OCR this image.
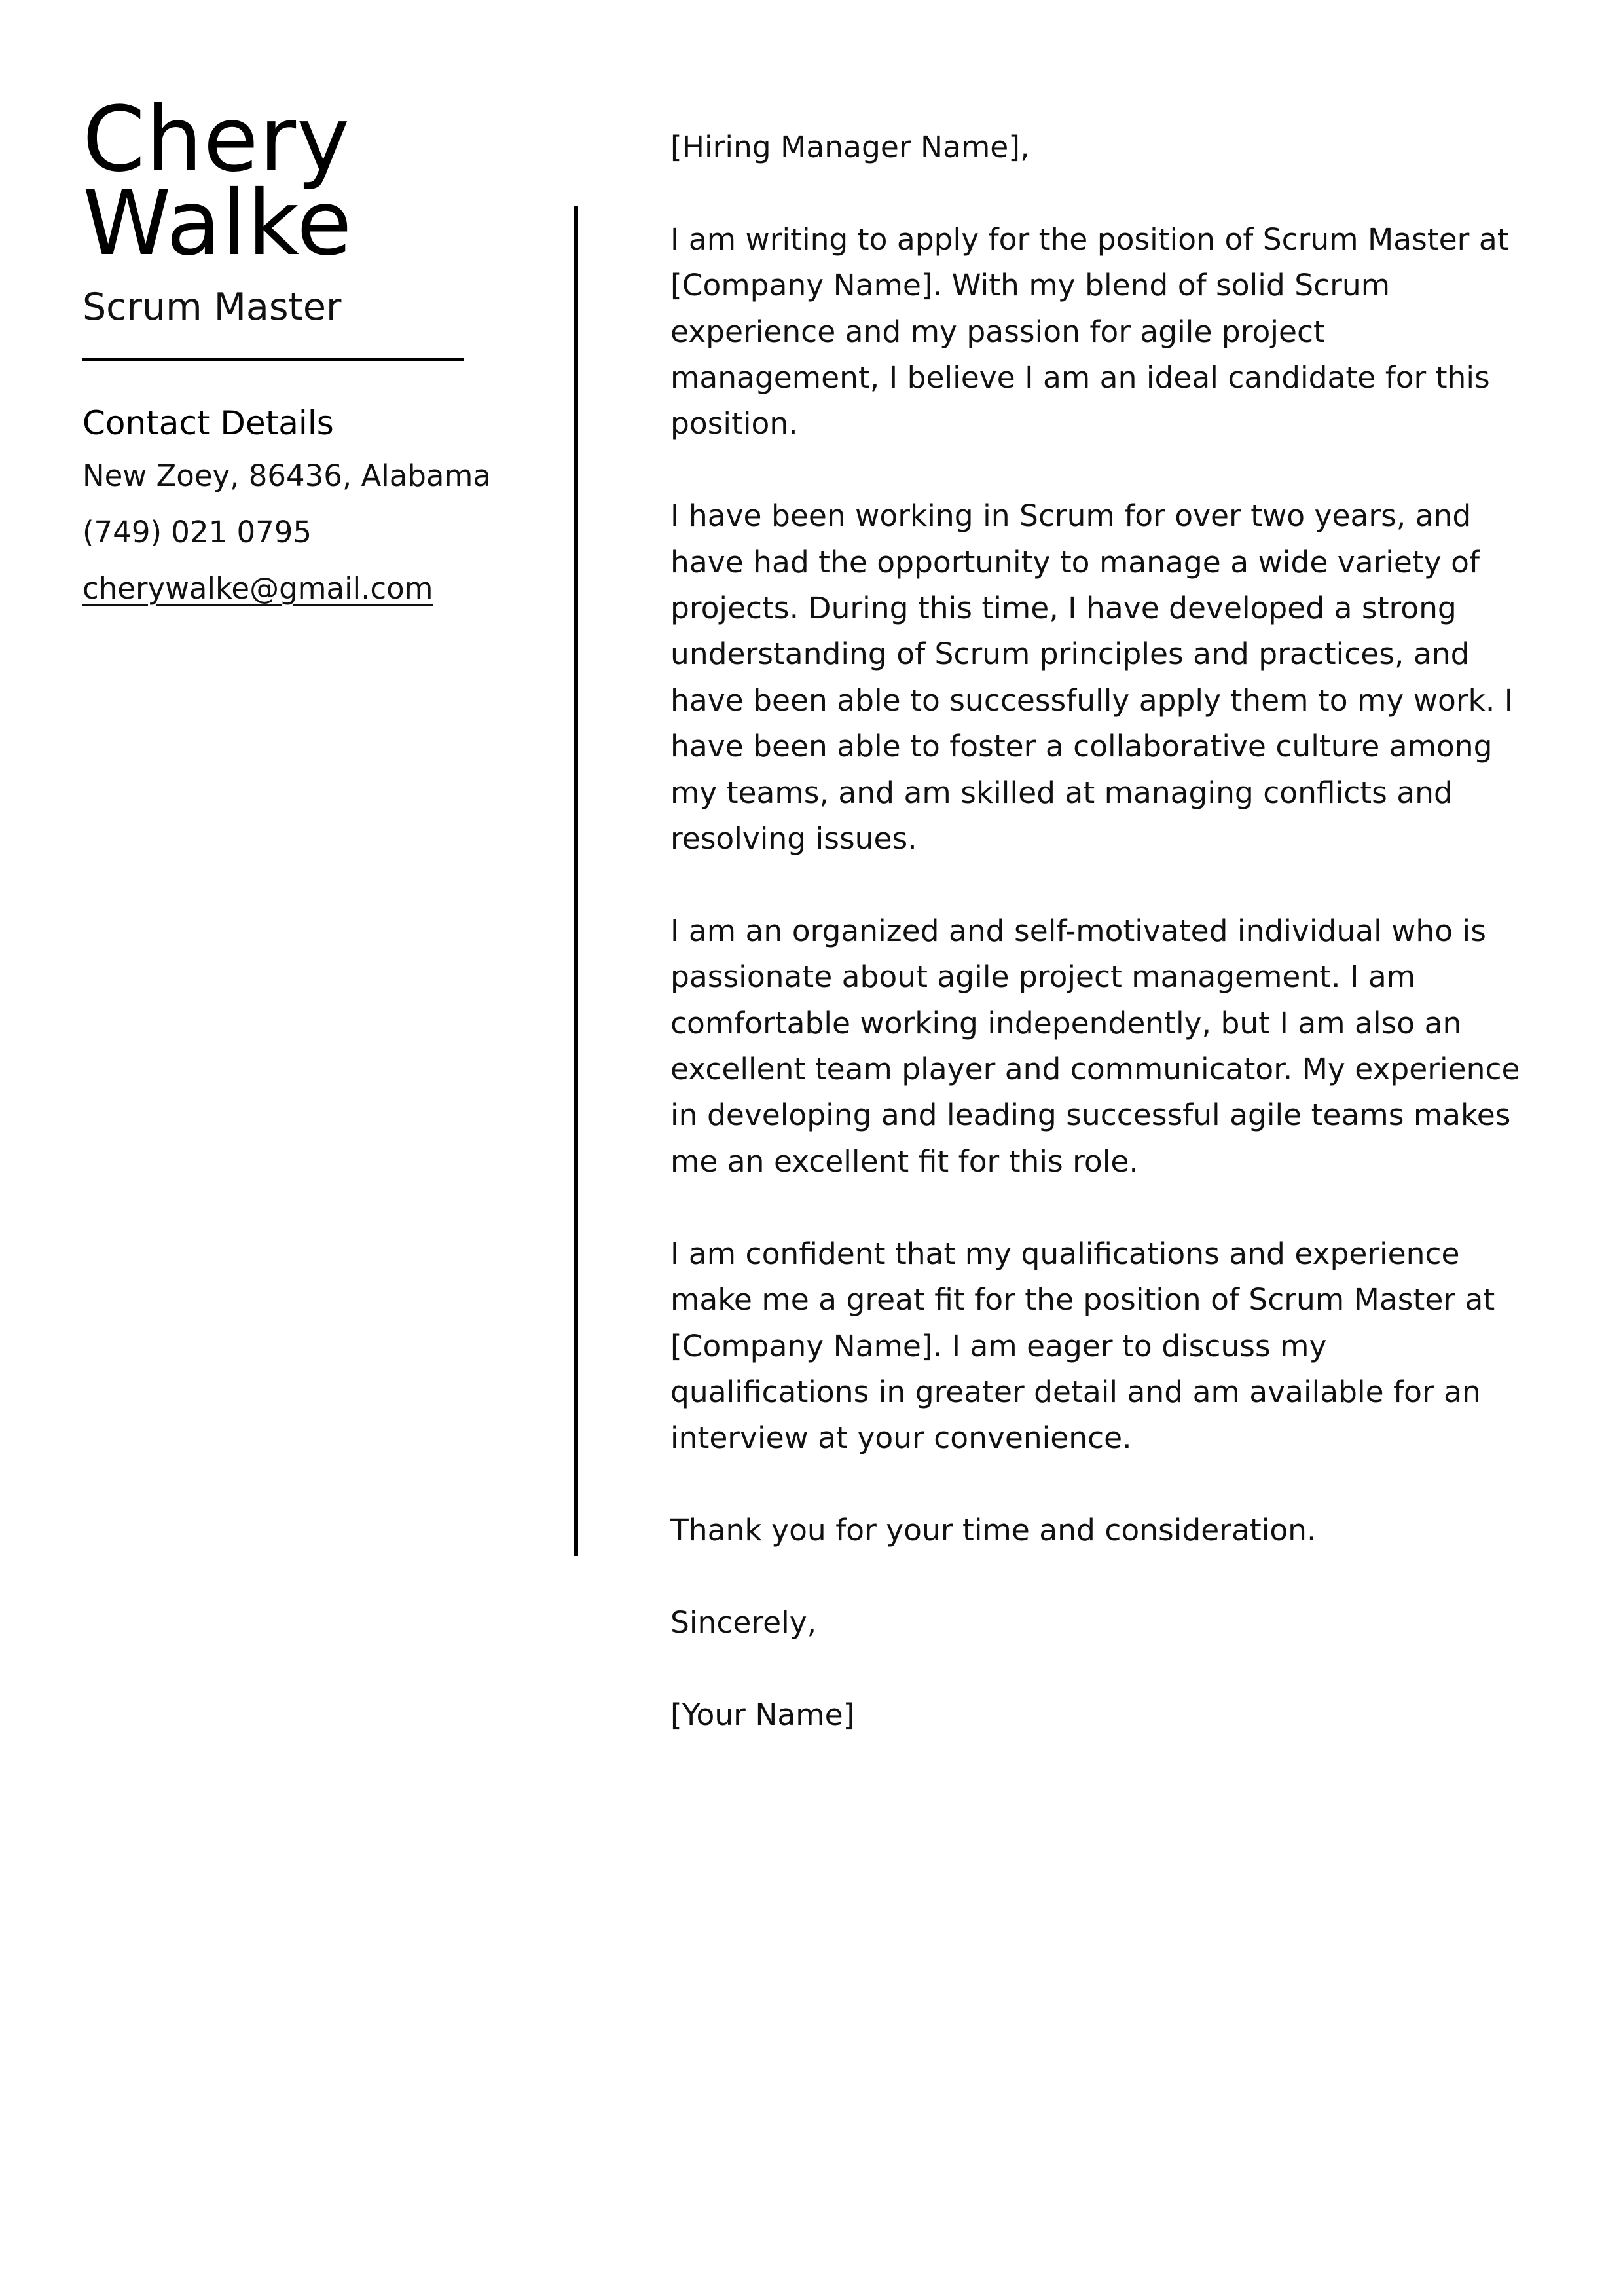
Chery
Walke
Scrum Master
Contact Details
New Zoey, 86436, Alabama
(749) 021 0795
cherywalke@gmail.com

[Hiring Manager Name],

I am writing to apply for the position of Scrum Master at [Company Name]. With my blend of solid Scrum experience and my passion for agile project management, I believe I am an ideal candidate for this position.

I have been working in Scrum for over two years, and have had the opportunity to manage a wide variety of projects. During this time, I have developed a strong understanding of Scrum principles and practices, and have been able to successfully apply them to my work. I have been able to foster a collaborative culture among my teams, and am skilled at managing conflicts and resolving issues.

I am an organized and self-motivated individual who is passionate about agile project management. I am comfortable working independently, but I am also an excellent team player and communicator. My experience in developing and leading successful agile teams makes me an excellent fit for this role.

I am confident that my qualifications and experience make me a great fit for the position of Scrum Master at [Company Name]. I am eager to discuss my qualifications in greater detail and am available for an interview at your convenience.

Thank you for your time and consideration.

Sincerely,

[Your Name]
